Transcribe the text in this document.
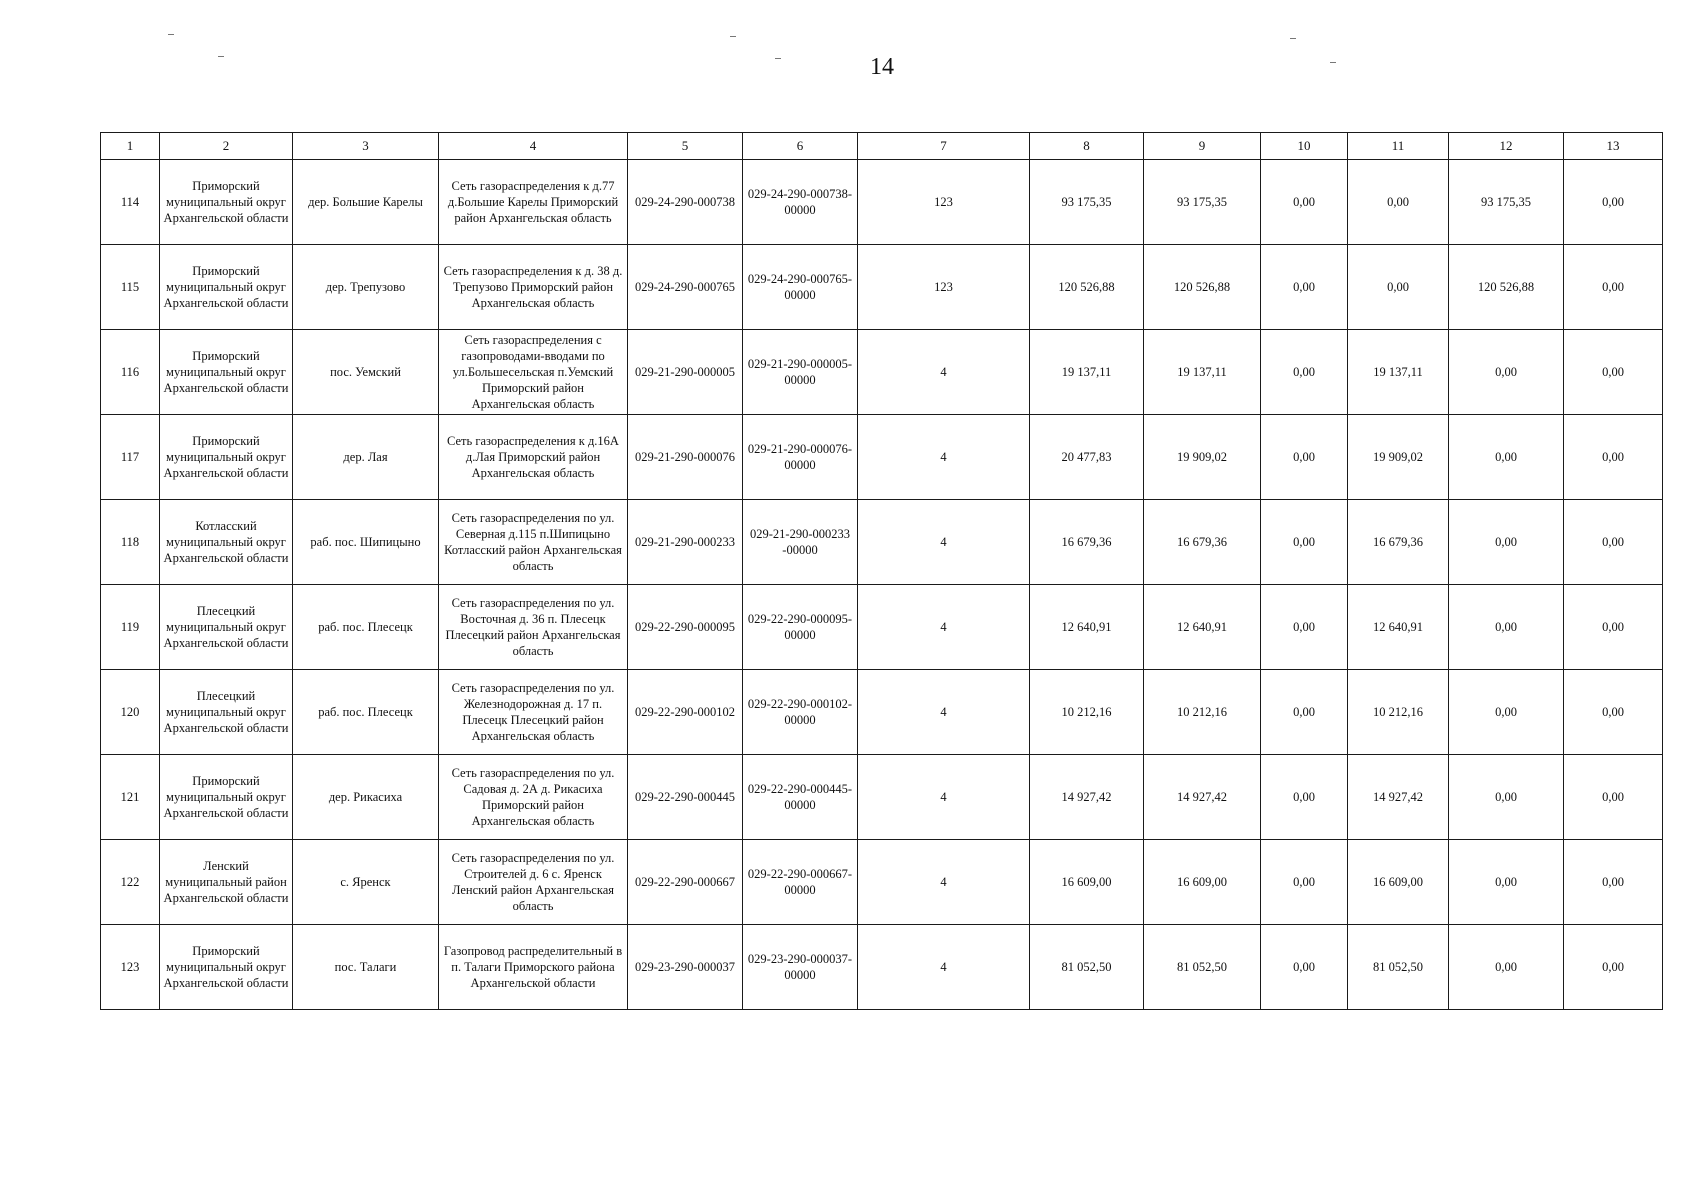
14
1	2	3	4	5	6	7	8	9	10	11	12	13
114	Приморский муниципальный округ Архангельской области	дер. Большие Карелы	Сеть газораспределения к д.77 д.Большие Карелы Приморский район Архангельская область	029-24-290-000738	029-24-290-000738-00000	123	93 175,35	93 175,35	0,00	0,00	93 175,35	0,00
115	Приморский муниципальный округ Архангельской области	дер. Трепузово	Сеть газораспределения к д. 38 д. Трепузово Приморский район Архангельская область	029-24-290-000765	029-24-290-000765-00000	123	120 526,88	120 526,88	0,00	0,00	120 526,88	0,00
116	Приморский муниципальный округ Архангельской области	пос. Уемский	Сеть газораспределения с газопроводами-вводами по ул.Большесельская п.Уемский Приморский район Архангельская область	029-21-290-000005	029-21-290-000005-00000	4	19 137,11	19 137,11	0,00	19 137,11	0,00	0,00
117	Приморский муниципальный округ Архангельской области	дер. Лая	Сеть газораспределения к д.16А д.Лая Приморский район Архангельская область	029-21-290-000076	029-21-290-000076-00000	4	20 477,83	19 909,02	0,00	19 909,02	0,00	0,00
118	Котласский муниципальный округ Архангельской области	раб. пос. Шипицыно	Сеть газораспределения по ул. Северная д.115 п.Шипицыно Котласский район Архангельская область	029-21-290-000233	029-21-290-000233 -00000	4	16 679,36	16 679,36	0,00	16 679,36	0,00	0,00
119	Плесецкий муниципальный округ Архангельской области	раб. пос. Плесецк	Сеть газораспределения по ул. Восточная д. 36 п. Плесецк Плесецкий район Архангельская область	029-22-290-000095	029-22-290-000095-00000	4	12 640,91	12 640,91	0,00	12 640,91	0,00	0,00
120	Плесецкий муниципальный округ Архангельской области	раб. пос. Плесецк	Сеть газораспределения по ул. Железнодорожная д. 17 п. Плесецк Плесецкий район Архангельская область	029-22-290-000102	029-22-290-000102-00000	4	10 212,16	10 212,16	0,00	10 212,16	0,00	0,00
121	Приморский муниципальный округ Архангельской области	дер. Рикасиха	Сеть газораспределения по ул. Садовая д. 2А д. Рикасиха Приморский район Архангельская область	029-22-290-000445	029-22-290-000445-00000	4	14 927,42	14 927,42	0,00	14 927,42	0,00	0,00
122	Ленский муниципальный район Архангельской области	с. Яренск	Сеть газораспределения по ул. Строителей д. 6 с. Яренск Ленский район Архангельская область	029-22-290-000667	029-22-290-000667-00000	4	16 609,00	16 609,00	0,00	16 609,00	0,00	0,00
123	Приморский муниципальный округ Архангельской области	пос. Талаги	Газопровод распределительный в п. Талаги Приморского района Архангельской области	029-23-290-000037	029-23-290-000037-00000	4	81 052,50	81 052,50	0,00	81 052,50	0,00	0,00
